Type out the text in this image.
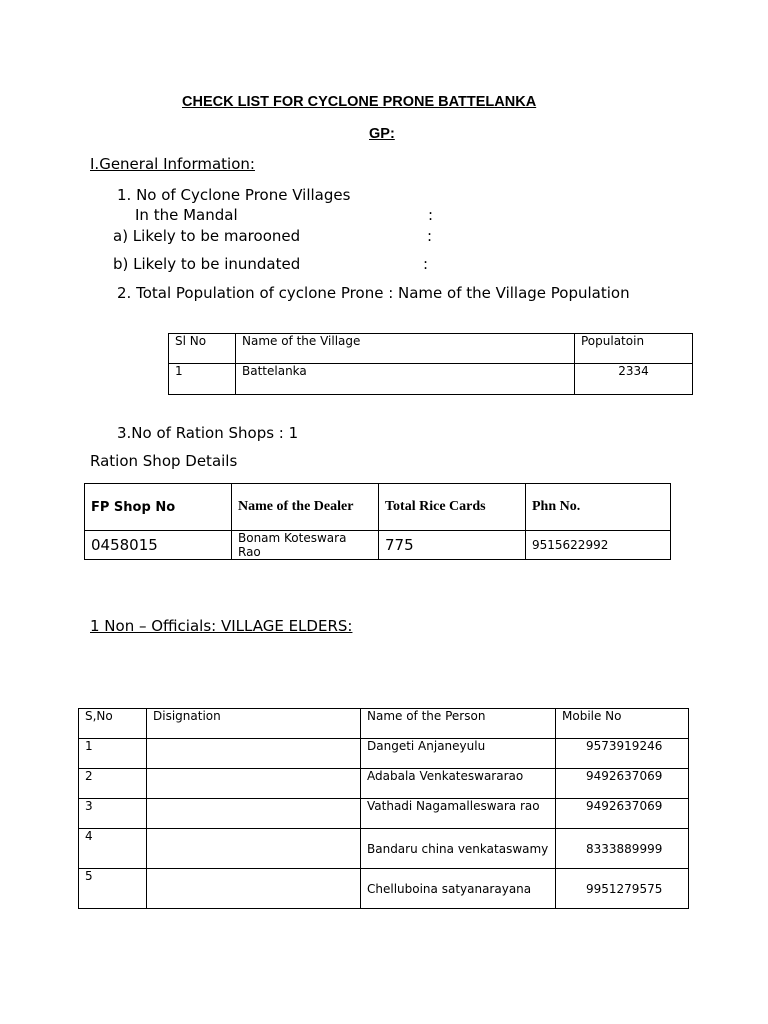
CHECK LIST FOR CYCLONE PRONE BATTELANKA
GP:
I.General Information:
1. No of Cyclone Prone Villages
In the Mandal	:
a) Likely to be marooned	:
b) Likely to be inundated	:
2. Total Population of cyclone Prone : Name of the Village Population
Sl No	Name of the Village	Populatoin
1	Battelanka	2334
3.No of Ration Shops : 1
Ration Shop Details
FP Shop No	Name of the Dealer	Total Rice Cards	Phn No.
0458015	Bonam Koteswara Rao	775	9515622992
1 Non – Officials: VILLAGE ELDERS:
S,No	Disignation	Name of the Person	Mobile No
1		Dangeti Anjaneyulu	9573919246
2		Adabala Venkateswararao	9492637069
3		Vathadi Nagamalleswara rao	9492637069
4		Bandaru china venkataswamy	8333889999
5		Chelluboina satyanarayana	9951279575
